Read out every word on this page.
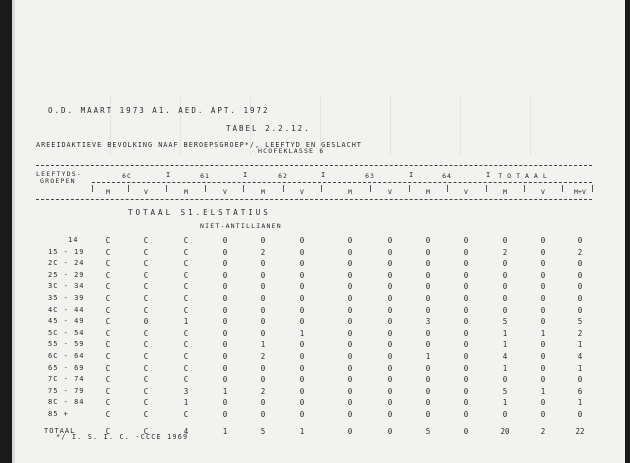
O.D. MAART 1973 A1. AED. APT. 1972
TABEL 2.2.12.
AREEIDAKTIEVE BEVOLKING NAAF BEROEPSGROEP*/, LEEFTYD EN GESLACHT
HCOFEKLASSE 6
LEEFTYDS-
GROEPEN
6C	61	62	63	64	TOTAAL
I	I	I	I	I
M	V	M	V	M	V	M	V	M	V	M	V	M+V
TOTAAL S1.ELSTATIUS
NIET-ANTILLIANEN
14	C	C	C	0	0	0	0	0	0	0	0	0	0
15 - 19	C	C	C	0	2	0	0	0	0	0	2	0	2
2C - 24	C	C	C	0	0	0	0	0	0	0	0	0	0
25 - 29	C	C	C	0	0	0	0	0	0	0	0	0	0
3C - 34	C	C	C	0	0	0	0	0	0	0	0	0	0
35 - 39	C	C	C	0	0	0	0	0	0	0	0	0	0
4C - 44	C	C	C	0	0	0	0	0	0	0	0	0	0
45 - 49	C	0	1	0	0	0	0	0	3	0	5	0	5
5C - 54	C	C	C	0	0	1	0	0	0	0	1	1	2
55 - 59	C	C	C	0	1	0	0	0	0	0	1	0	1
6C - 64	C	C	C	0	2	0	0	0	1	0	4	0	4
65 - 69	C	C	C	0	0	0	0	0	0	0	1	0	1
7C - 74	C	C	C	0	0	0	0	0	0	0	0	0	0
75 - 79	C	C	3	1	2	0	0	0	0	0	5	1	6
8C - 84	C	C	1	0	0	0	0	0	0	0	1	0	1
85 +	C	C	C	0	0	0	0	0	0	0	0	0	0
TOTAAL	C	C	4	1	5	1	0	0	5	0	20	2	22
*/ I. S. I. C. -CCCE 1969
